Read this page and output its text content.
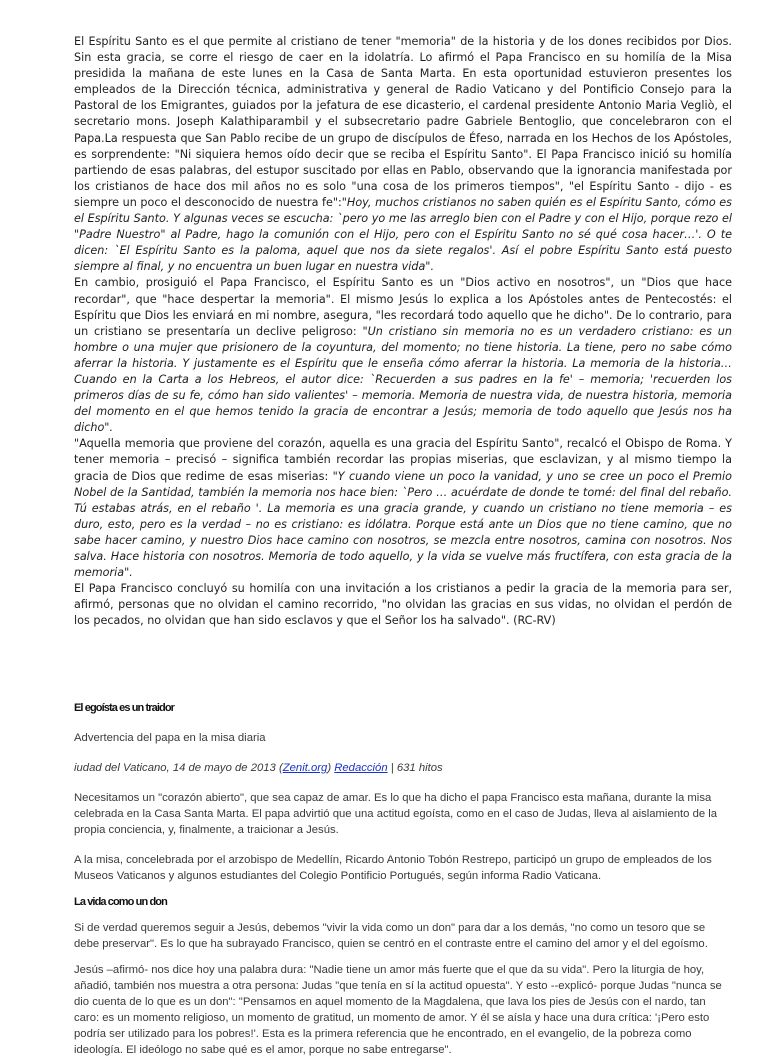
El Espíritu Santo es el que permite al cristiano de tener "memoria" de la historia y de los dones recibidos por Dios. Sin esta gracia, se corre el riesgo de caer en la idolatría. Lo afirmó el Papa Francisco en su homilía de la Misa presidida la mañana de este lunes en la Casa de Santa Marta. En esta oportunidad estuvieron presentes los empleados de la Dirección técnica, administrativa y general de Radio Vaticano y del Pontificio Consejo para la Pastoral de los Emigrantes, guiados por la jefatura de ese dicasterio, el cardenal presidente Antonio Maria Vegliò, el secretario mons. Joseph Kalathiparambil y el subsecretario padre Gabriele Bentoglio, que concelebraron con el Papa.La respuesta que San Pablo recibe de un grupo de discípulos de Éfeso, narrada en los Hechos de los Apóstoles, es sorprendente: "Ni siquiera hemos oído decir que se reciba el Espíritu Santo". El Papa Francisco inició su homilía partiendo de esas palabras, del estupor suscitado por ellas en Pablo, observando que la ignorancia manifestada por los cristianos de hace dos mil años no es solo "una cosa de los primeros tiempos", "el Espíritu Santo - dijo - es siempre un poco el desconocido de nuestra fe":"Hoy, muchos cristianos no saben quién es el Espíritu Santo, cómo es el Espíritu Santo. Y algunas veces se escucha: `pero yo me las arreglo bien con el Padre y con el Hijo, porque rezo el "Padre Nuestro" al Padre, hago la comunión con el Hijo, pero con el Espíritu Santo no sé qué cosa hacer…'. O te dicen: `El Espíritu Santo es la paloma, aquel que nos da siete regalos'. Así el pobre Espíritu Santo está puesto siempre al final, y no encuentra un buen lugar en nuestra vida".

En cambio, prosiguió el Papa Francisco, el Espíritu Santo es un "Dios activo en nosotros", un "Dios que hace recordar", que "hace despertar la memoria". El mismo Jesús lo explica a los Apóstoles antes de Pentecostés: el Espíritu que Dios les enviará en mi nombre, asegura, "les recordará todo aquello que he dicho". De lo contrario, para un cristiano se presentaría un declive peligroso: "Un cristiano sin memoria no es un verdadero cristiano: es un hombre o una mujer que prisionero de la coyuntura, del momento; no tiene historia. La tiene, pero no sabe cómo aferrar la historia. Y justamente es el Espíritu que le enseña cómo aferrar la historia. La memoria de la historia… Cuando en la Carta a los Hebreos, el autor dice: `Recuerden a sus padres en la fe' – memoria; 'recuerden los primeros días de su fe, cómo han sido valientes' – memoria. Memoria de nuestra vida, de nuestra historia, memoria del momento en el que hemos tenido la gracia de encontrar a Jesús; memoria de todo aquello que Jesús nos ha dicho".

"Aquella memoria que proviene del corazón, aquella es una gracia del Espíritu Santo", recalcó el Obispo de Roma. Y tener memoria – precisó – significa también recordar las propias miserias, que esclavizan, y al mismo tiempo la gracia de Dios que redime de esas miserias: "Y cuando viene un poco la vanidad, y uno se cree un poco el Premio Nobel de la Santidad, también la memoria nos hace bien: `Pero … acuérdate de donde te tomé: del final del rebaño. Tú estabas atrás, en el rebaño '. La memoria es una gracia grande, y cuando un cristiano no tiene memoria – es duro, esto, pero es la verdad – no es cristiano: es idólatra. Porque está ante un Dios que no tiene camino, que no sabe hacer camino, y nuestro Dios hace camino con nosotros, se mezcla entre nosotros, camina con nosotros. Nos salva. Hace historia con nosotros. Memoria de todo aquello, y la vida se vuelve más fructífera, con esta gracia de la memoria".

El Papa Francisco concluyó su homilía con una invitación a los cristianos a pedir la gracia de la memoria para ser, afirmó, personas que no olvidan el camino recorrido, "no olvidan las gracias en sus vidas, no olvidan el perdón de los pecados, no olvidan que han sido esclavos y que el Señor los ha salvado". (RC-RV)

El egoísta es un traidor

Advertencia del papa en la misa diaria

iudad del Vaticano, 14 de mayo de 2013 (Zenit.org) Redacción | 631 hitos

Necesitamos un "corazón abierto", que sea capaz de amar. Es lo que ha dicho el papa Francisco esta mañana, durante la misa celebrada en la Casa Santa Marta. El papa advirtió que una actitud egoísta, como en el caso de Judas, lleva al aislamiento de la propia conciencia, y, finalmente, a traicionar a Jesús.

A la misa, concelebrada por el arzobispo de Medellín, Ricardo Antonio Tobón Restrepo, participó un grupo de empleados de los Museos Vaticanos y algunos estudiantes del Colegio Pontificio Portugués, según informa Radio Vaticana.

La vida como un don

Si de verdad queremos seguir a Jesús, debemos "vivir la vida como un don" para dar a los demás, "no como un tesoro que se debe preservar". Es lo que ha subrayado Francisco, quien se centró en el contraste entre el camino del amor y el del egoísmo.

Jesús –afirmó- nos dice hoy una palabra dura: "Nadie tiene un amor más fuerte que el que da su vida". Pero la liturgia de hoy, añadió, también nos muestra a otra persona: Judas "que tenía en sí la actitud opuesta". Y esto --explicó- porque Judas "nunca se dio cuenta de lo que es un don": "Pensamos en aquel momento de la Magdalena, que lava los pies de Jesús con el nardo, tan caro: es un momento religioso, un momento de gratitud, un momento de amor. Y él se aísla y hace una dura crítica: '¡Pero esto podría ser utilizado para los pobres!'. Esta es la primera referencia que he encontrado, en el evangelio, de la pobreza como ideología. El ideólogo no sabe qué es el amor, porque no sabe entregarse".
